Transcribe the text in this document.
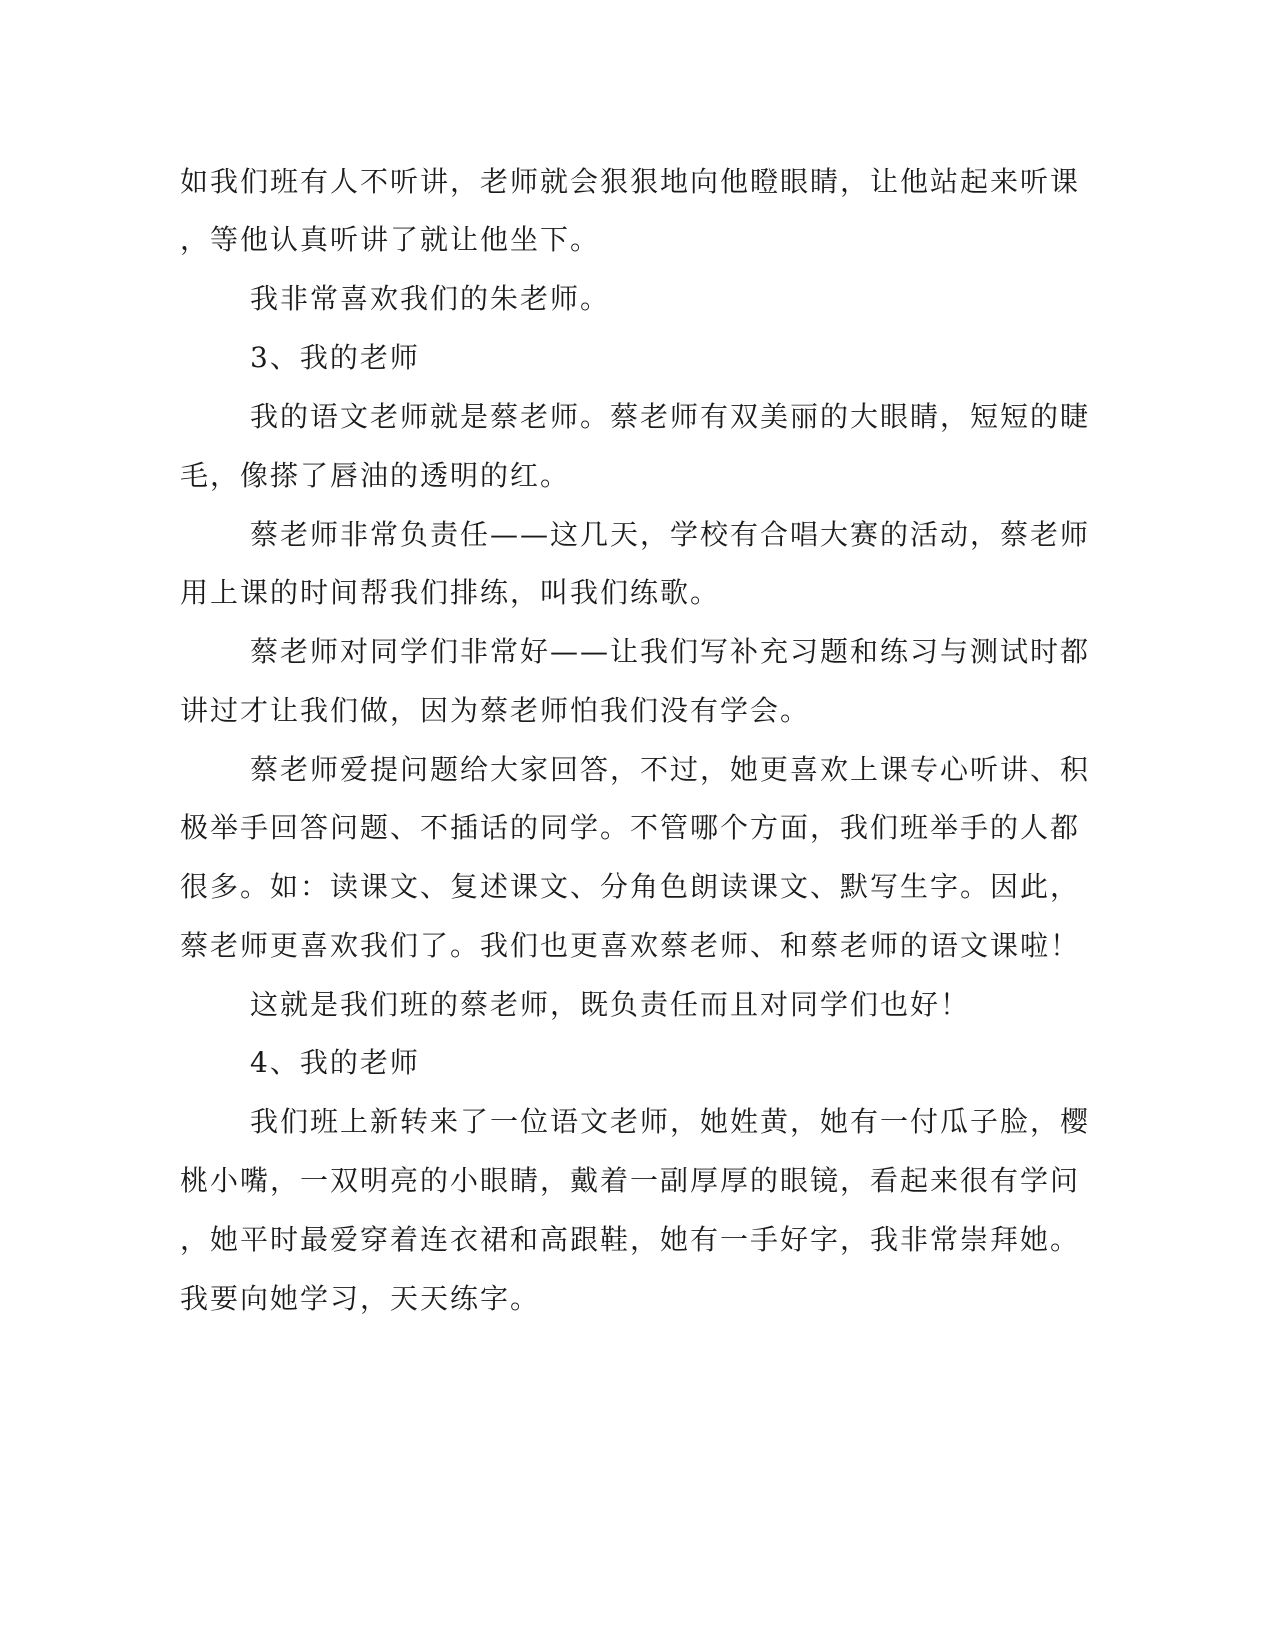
如我们班有人不听讲，老师就会狠狠地向他瞪眼睛，让他站起来听课
，等他认真听讲了就让他坐下。
我非常喜欢我们的朱老师。
3、我的老师
我的语文老师就是蔡老师。蔡老师有双美丽的大眼睛，短短的睫
毛，像搽了唇油的透明的红。
蔡老师非常负责任——这几天，学校有合唱大赛的活动，蔡老师
用上课的时间帮我们排练，叫我们练歌。
蔡老师对同学们非常好——让我们写补充习题和练习与测试时都
讲过才让我们做，因为蔡老师怕我们没有学会。
蔡老师爱提问题给大家回答，不过，她更喜欢上课专心听讲、积
极举手回答问题、不插话的同学。不管哪个方面，我们班举手的人都
很多。如：读课文、复述课文、分角色朗读课文、默写生字。因此，
蔡老师更喜欢我们了。我们也更喜欢蔡老师、和蔡老师的语文课啦！
这就是我们班的蔡老师，既负责任而且对同学们也好！
4、我的老师
我们班上新转来了一位语文老师，她姓黄，她有一付瓜子脸，樱
桃小嘴，一双明亮的小眼睛，戴着一副厚厚的眼镜，看起来很有学问
，她平时最爱穿着连衣裙和高跟鞋，她有一手好字，我非常崇拜她。
我要向她学习，天天练字。
